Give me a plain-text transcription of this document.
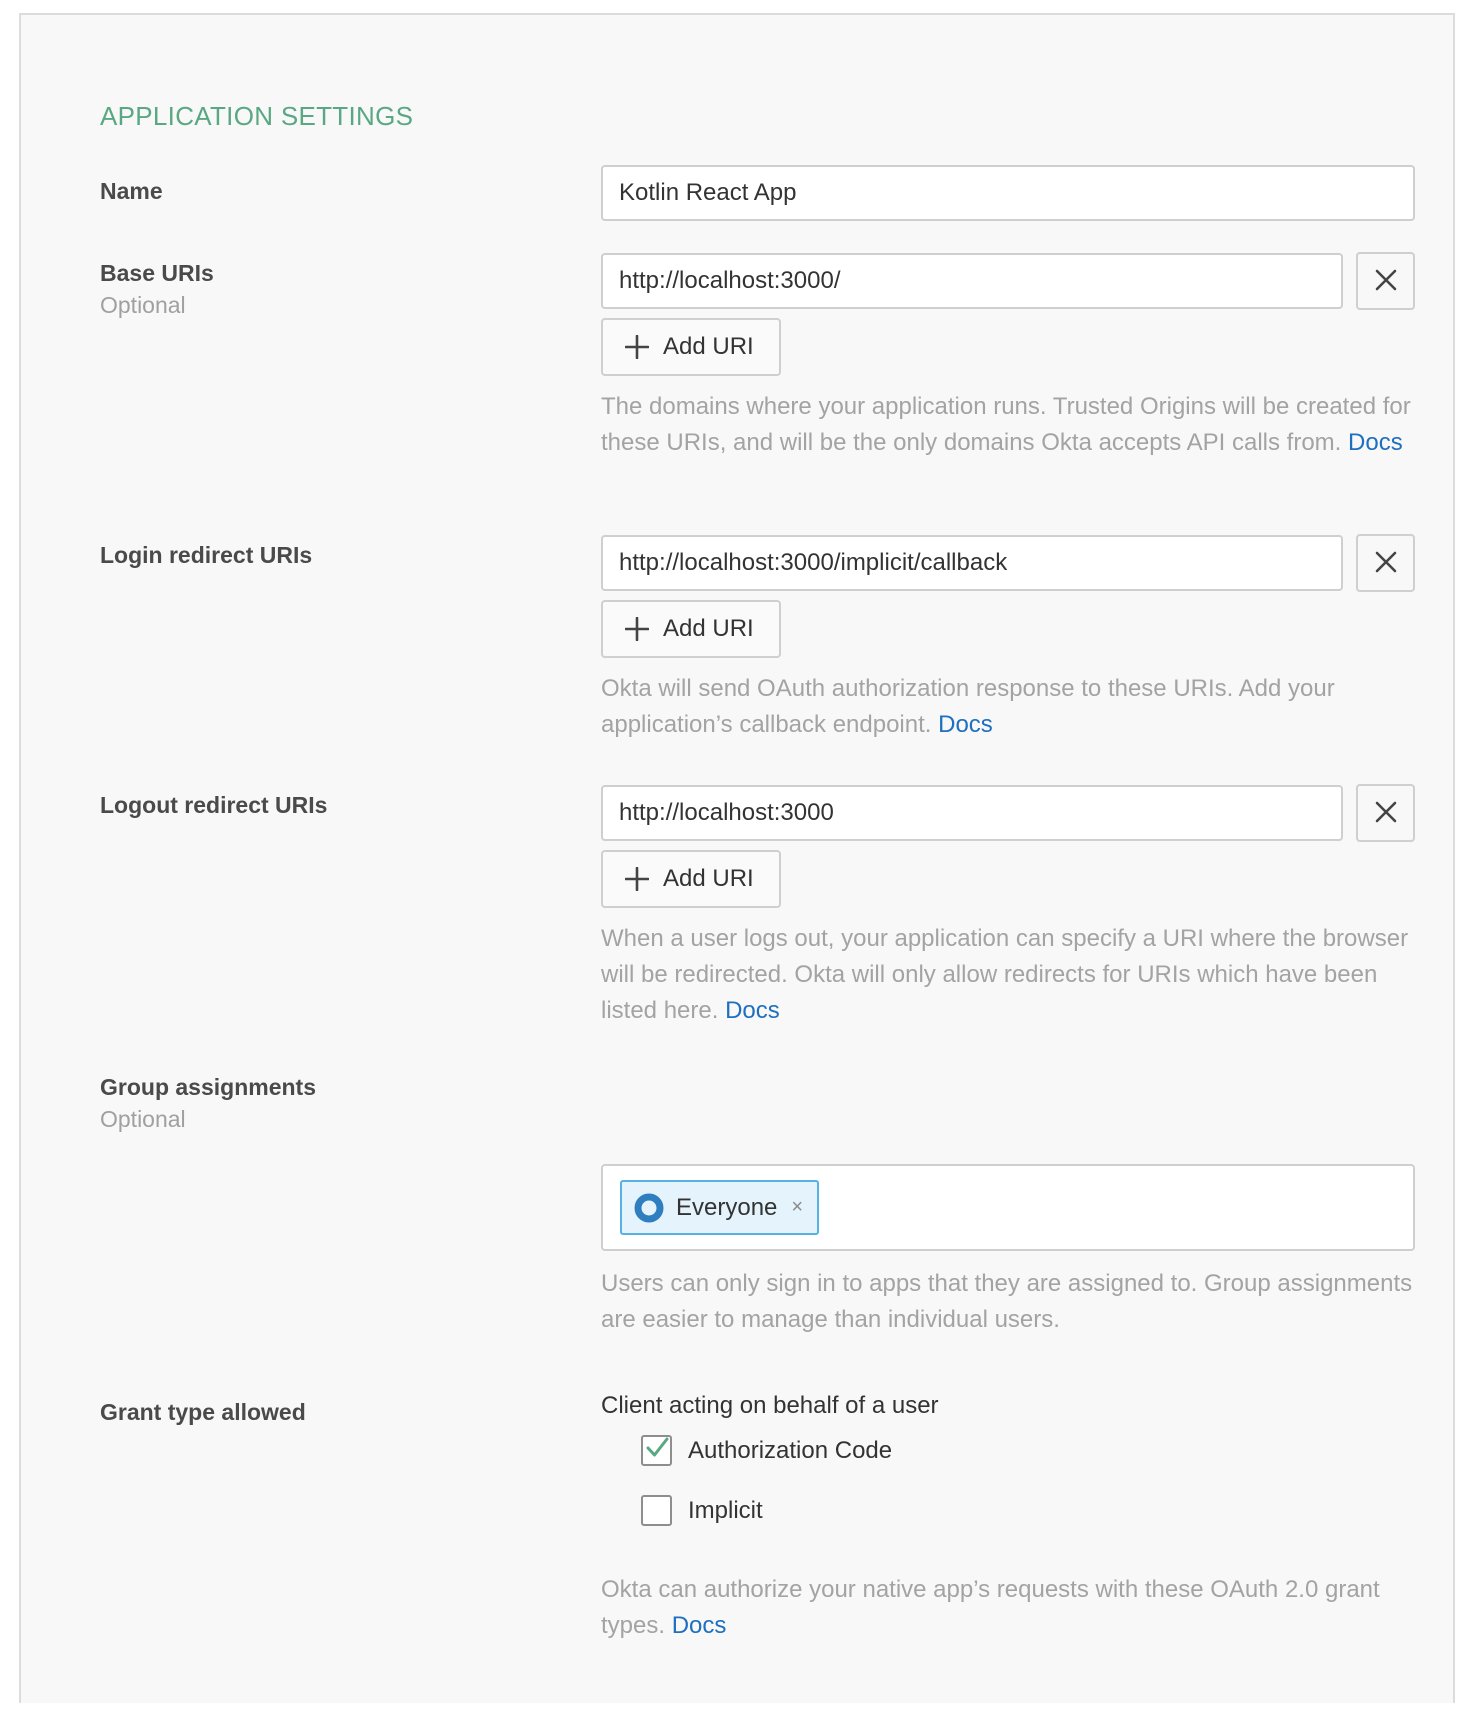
APPLICATION SETTINGS

Name

Kotlin React App

Base URIs

Optional

http://localhost:3000/
Add URI

The domains where your application runs. Trusted Origins will be created for these URIs, and will be the only domains Okta accepts API calls from. Docs

Login redirect URIs

http://localhost:3000/implicit/callback
Add URI

Okta will send OAuth authorization response to these URIs. Add your application’s callback endpoint. Docs

Logout redirect URIs

http://localhost:3000
Add URI

When a user logs out, your application can specify a URI where the browser will be redirected. Okta will only allow redirects for URIs which have been listed here. Docs

Group assignments

Optional

Everyone ×

Users can only sign in to apps that they are assigned to. Group assignments are easier to manage than individual users.

Grant type allowed	Client acting on behalf of a user

Authorization Code
Implicit

Okta can authorize your native app’s requests with these OAuth 2.0 grant types. Docs
